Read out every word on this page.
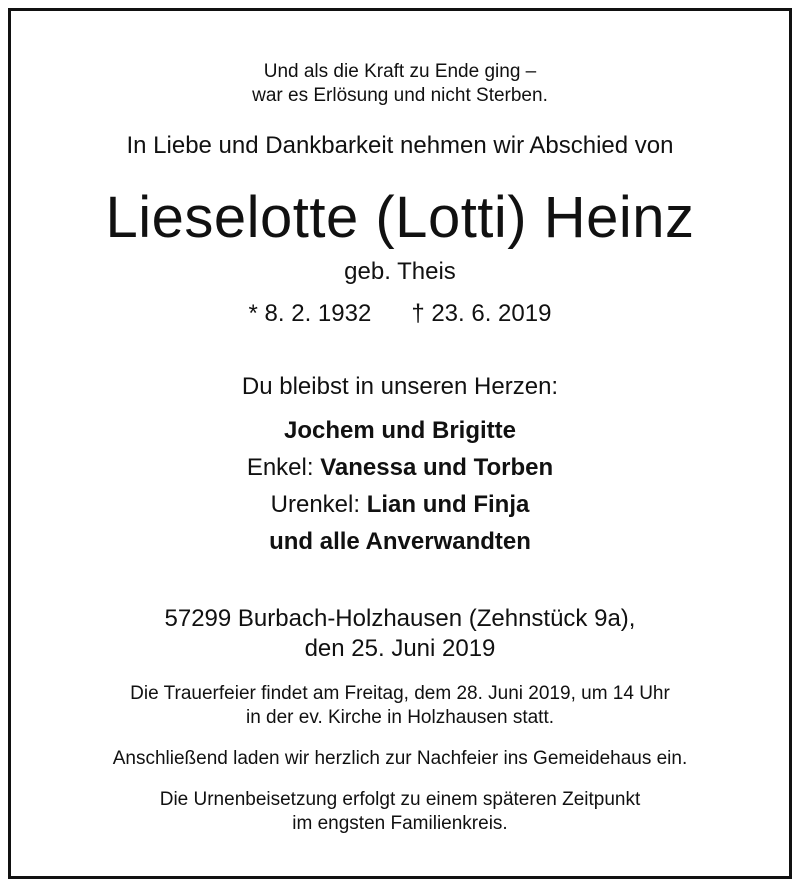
Und als die Kraft zu Ende ging –
war es Erlösung und nicht Sterben.
In Liebe und Dankbarkeit nehmen wir Abschied von
Lieselotte (Lotti) Heinz
geb. Theis
* 8. 2. 1932 † 23. 6. 2019
Du bleibst in unseren Herzen:
Jochem und Brigitte
Enkel: Vanessa und Torben
Urenkel: Lian und Finja
und alle Anverwandten
57299 Burbach-Holzhausen (Zehnstück 9a),
den 25. Juni 2019
Die Trauerfeier findet am Freitag, dem 28. Juni 2019, um 14 Uhr
in der ev. Kirche in Holzhausen statt.
Anschließend laden wir herzlich zur Nachfeier ins Gemeidehaus ein.
Die Urnenbeisetzung erfolgt zu einem späteren Zeitpunkt
im engsten Familienkreis.
